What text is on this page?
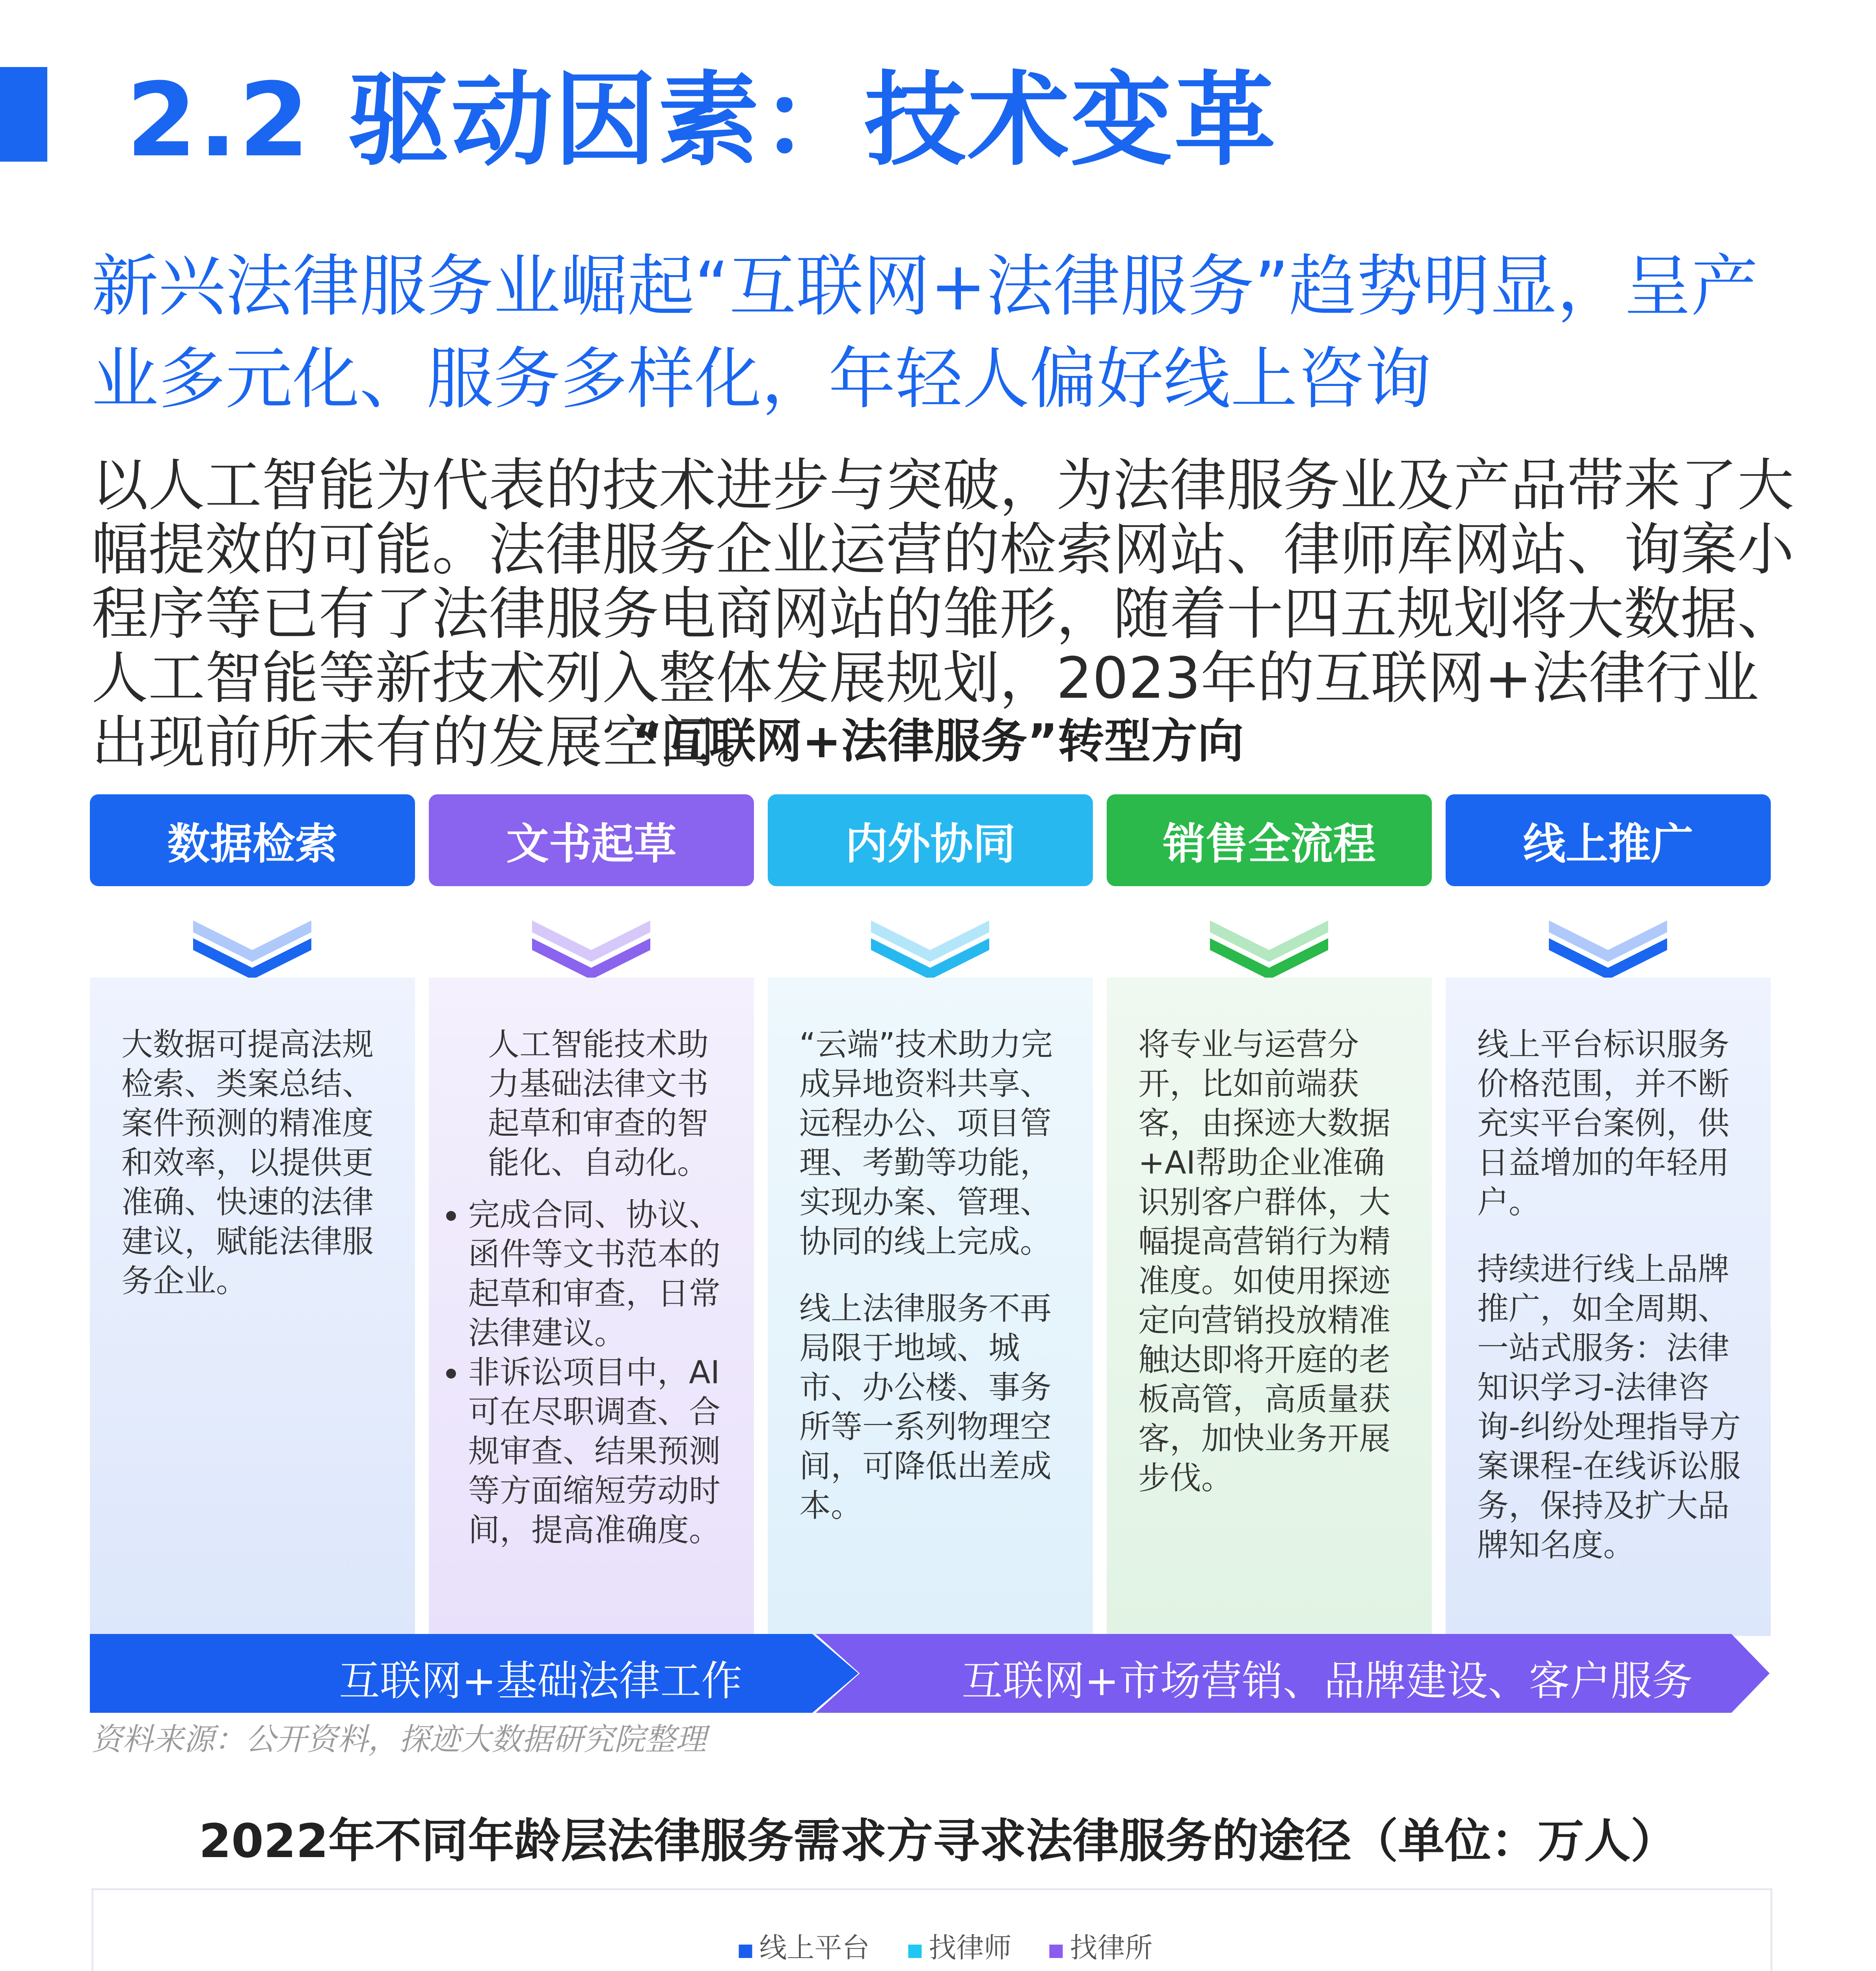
2.2 驱动因素：技术变革
新兴法律服务业崛起“互联网+法律服务”趋势明显，呈产业多元化、服务多样化，年轻人偏好线上咨询
以人工智能为代表的技术进步与突破，为法律服务业及产品带来了大幅提效的可能。法律服务企业运营的检索网站、律师库网站、询案小程序等已有了法律服务电商网站的雏形，随着十四五规划将大数据、人工智能等新技术列入整体发展规划，2023年的互联网+法律行业出现前所未有的发展空间。
“互联网+法律服务”转型方向
数据检索	文书起草	内外协同	销售全流程	线上推广

大数据可提高法规检索、类案总结、案件预测的精准度和效率，以提供更准确、快速的法律建议，赋能法律服务企业。

人工智能技术助力基础法律文书起草和审查的智能化、自动化。

• 完成合同、协议、函件等文书范本的起草和审查，日常法律建议。
• 非诉讼项目中，AI可在尽职调查、合规审查、结果预测等方面缩短劳动时间，提高准确度。

“云端”技术助力完成异地资料共享、远程办公、项目管理、考勤等功能，实现办案、管理、协同的线上完成。

线上法律服务不再局限于地域、城市、办公楼、事务所等一系列物理空间，可降低出差成本。

将专业与运营分开，比如前端获客，由探迹大数据+AI帮助企业准确识别客户群体，大幅提高营销行为精准度。如使用探迹定向营销投放精准触达即将开庭的老板高管，高质量获客，加快业务开展步伐。

线上平台标识服务价格范围，并不断充实平台案例，供日益增加的年轻用户。

持续进行线上品牌推广，如全周期、一站式服务：法律知识学习-法律咨询-纠纷处理指导方案课程-在线诉讼服务，保持及扩大品牌知名度。

互联网+基础法律工作	互联网+市场营销、品牌建设、客户服务
资料来源：公开资料，探迹大数据研究院整理
2022年不同年龄层法律服务需求方寻求法律服务的途径（单位：万人）
线上平台 找律师 找律所
